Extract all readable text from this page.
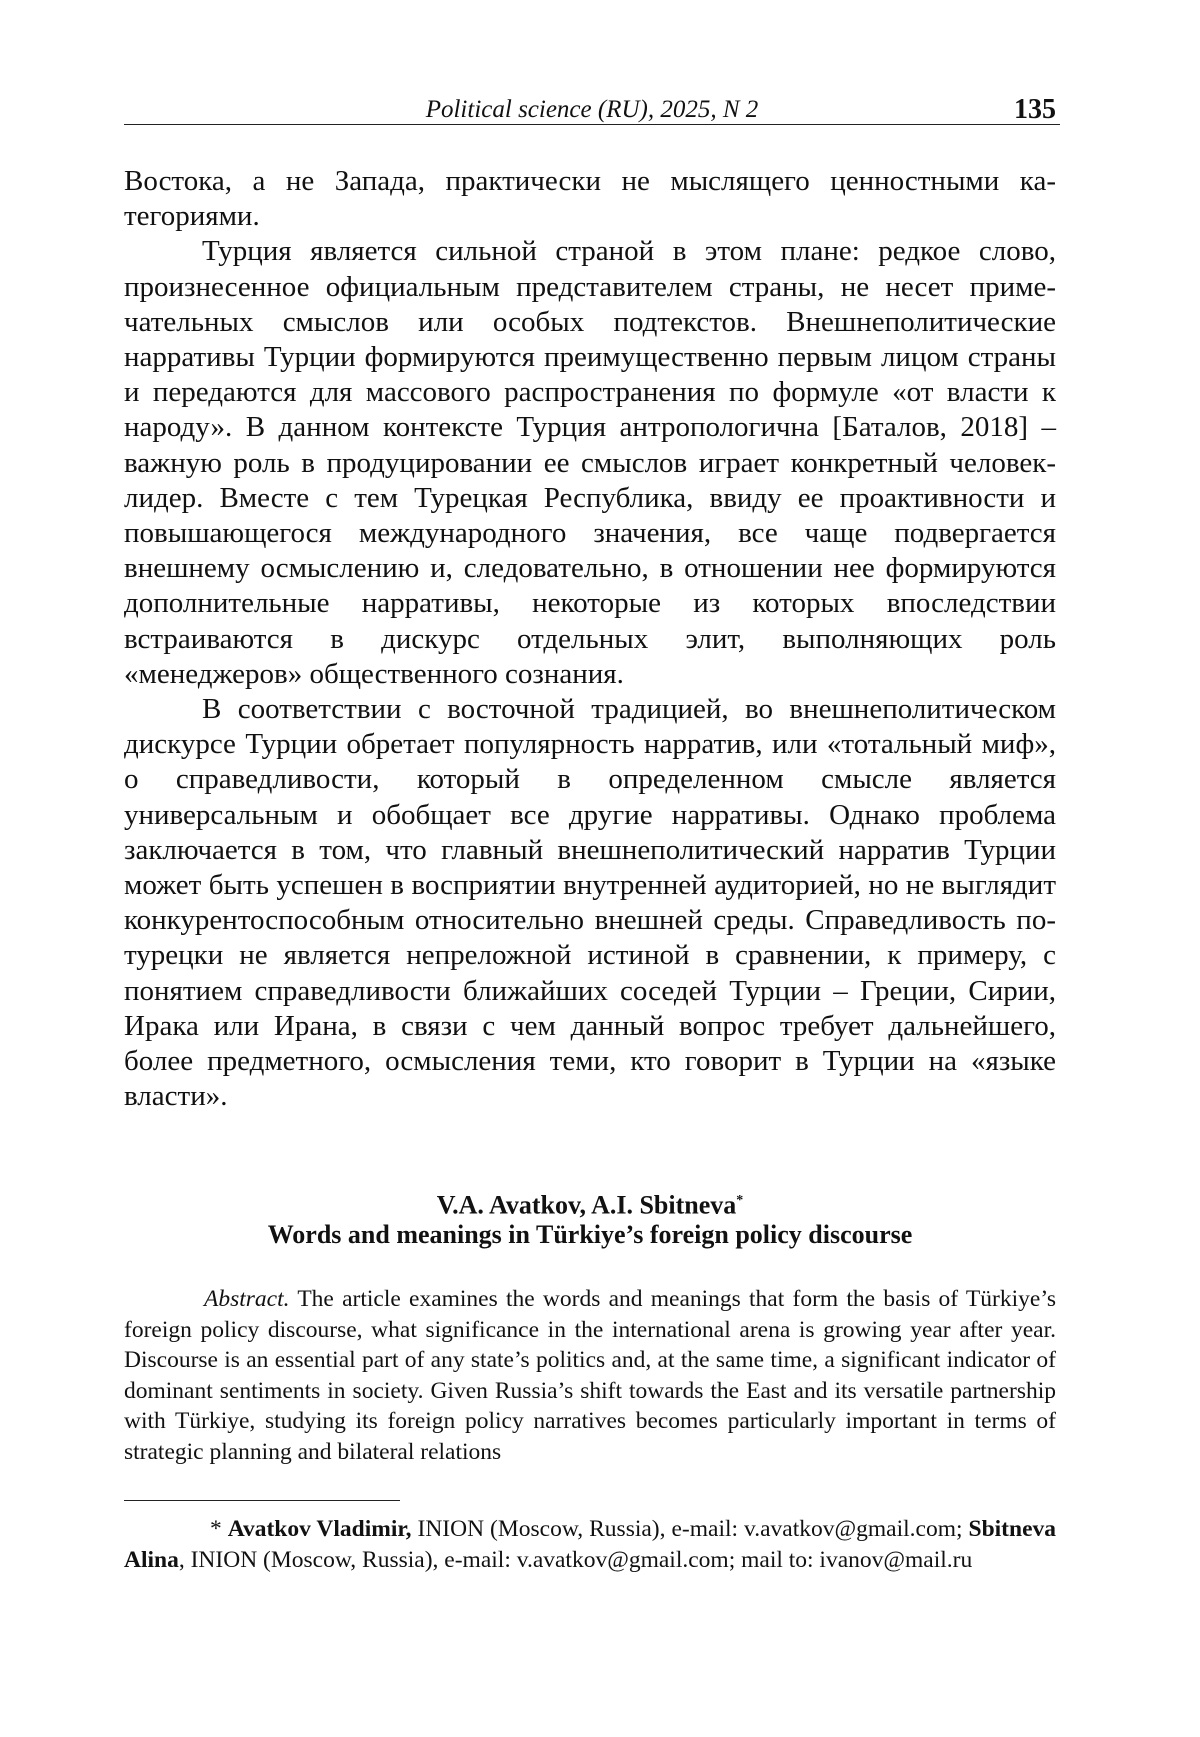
Political science (RU), 2025, N 2	135

Востока, а не Запада, практически не мыслящего ценностными ка­тегориями.

Турция является сильной страной в этом плане: редкое слово, произнесенное официальным представителем страны, не несет приме­чательных смыслов или особых подтекстов. Внешнеполитические нарративы Турции формируются преимущественно первым лицом страны и передаются для массового распространения по формуле «от власти к народу». В данном контексте Турция антропологична [Бата­лов, 2018] – важную роль в продуцировании ее смыслов играет кон­кретный человек-лидер. Вместе с тем Турецкая Республика, ввиду ее проактивности и повышающегося международного значения, все чаще подвергается внешнему осмыслению и, следовательно, в отношении нее формируются дополнительные нарративы, некоторые из которых впоследствии встраиваются в дискурс отдельных элит, выполняющих роль «менеджеров» общественного сознания.

В соответствии с восточной традицией, во внешнеполитиче­ском дискурсе Турции обретает популярность нарратив, или «то­тальный миф», о справедливости, который в определенном смысле является универсальным и обобщает все другие нарративы. Одна­ко проблема заключается в том, что главный внешнеполитический нарратив Турции может быть успешен в восприятии внутренней аудиторией, но не выглядит конкурентоспособным относительно внешней среды. Справедливость по-турецки не является непрелож­ной истиной в сравнении, к примеру, с понятием справедливости ближайших соседей Турции – Греции, Сирии, Ирака или Ирана, в связи с чем данный вопрос требует дальнейшего, более предметно­го, осмысления теми, кто говорит в Турции на «языке власти».

V.A. Avatkov, A.I. Sbitneva*
Words and meanings in Türkiye’s foreign policy discourse

Abstract. The article examines the words and meanings that form the basis of Türkiye’s foreign policy discourse, what significance in the international arena is growing year after year. Discourse is an essential part of any state’s politics and, at the same time, a significant indicator of dominant sentiments in society. Given Russia’s shift towards the East and its versatile partnership with Türkiye, studying its foreign policy narratives becomes particularly important in terms of strategic planning and bilateral relations

* Avatkov Vladimir, INION (Moscow, Russia), e-mail: v.avatkov@gmail.com; Sbitneva Alina, INION (Moscow, Russia), e-mail: v.avatkov@gmail.com; mail to: ivanov@mail.ru
